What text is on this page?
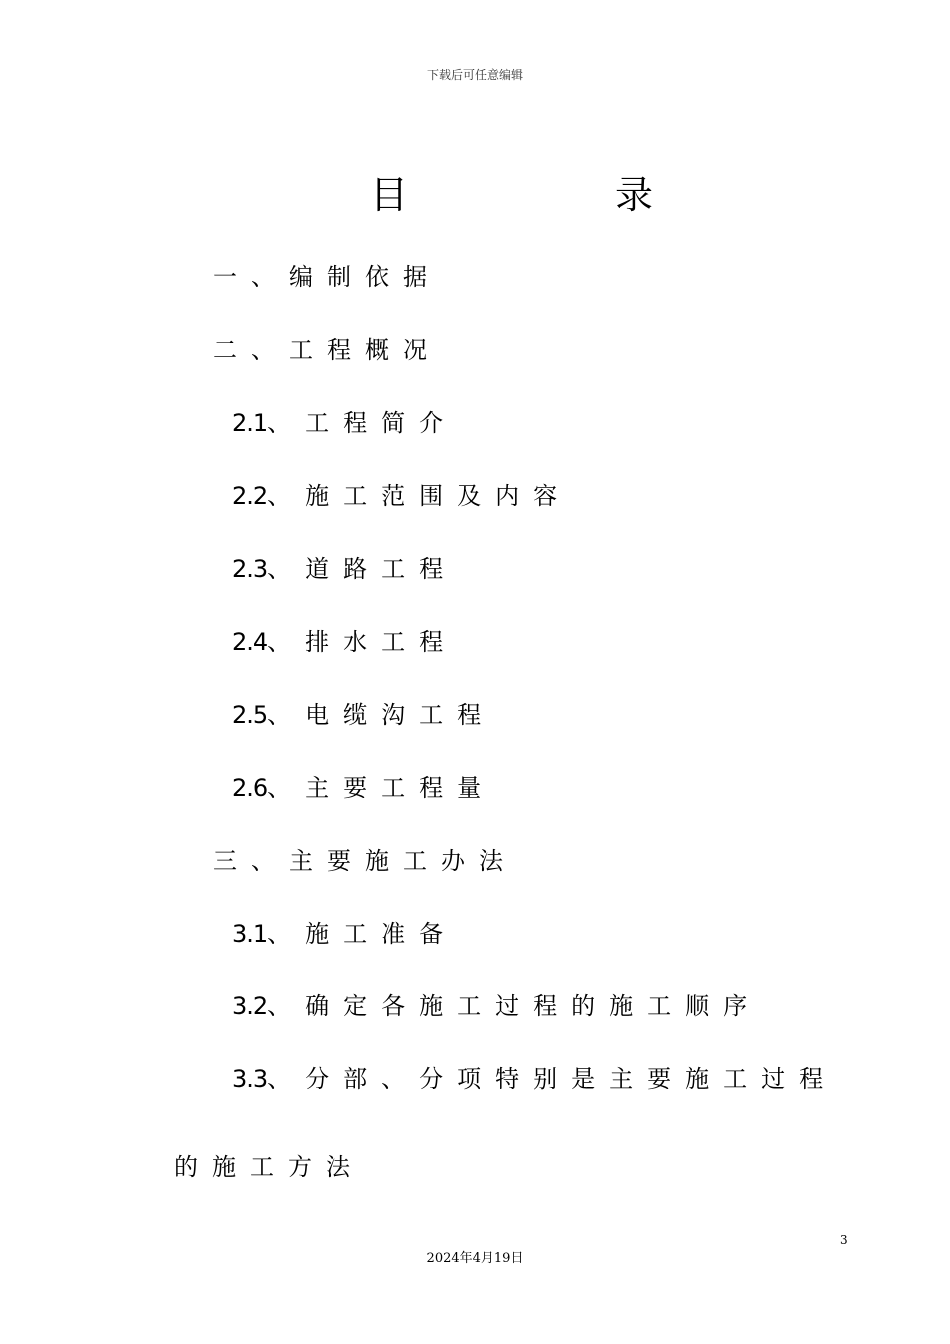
下载后可任意编辑
目	录
一、编制依据
二、工程概况
2.1、工程简介
2.2、施工范围及内容
2.3、道路工程
2.4、排水工程
2.5、电缆沟工程
2.6、主要工程量
三、主要施工办法
3.1、施工准备
3.2、确定各施工过程的施工顺序
3.3、分部、分项特别是主要施工过程
的施工方法
3
2024年4月19日
